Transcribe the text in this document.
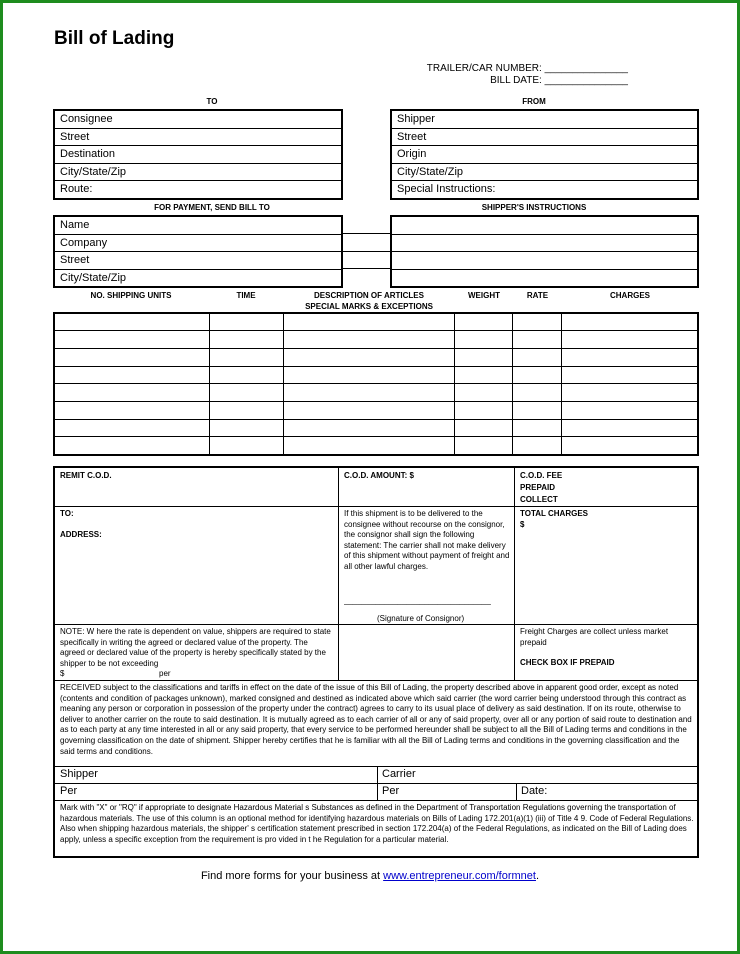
Bill of Lading
TRAILER/CAR NUMBER: _______________
BILL DATE: _______________
TO	FROM
Consignee
Street
Destination
City/State/Zip
Route:
Shipper
Street
Origin
City/State/Zip
Special Instructions:
FOR PAYMENT, SEND BILL TO	SHIPPER'S INSTRUCTIONS
Name
Company
Street
City/State/Zip
NO. SHIPPING UNITS	TIME	DESCRIPTION OF ARTICLES
SPECIAL MARKS & EXCEPTIONS
WEIGHT	RATE	CHARGES

REMIT C.O.D.	C.O.D. AMOUNT: $	C.O.D. FEE
PREPAID
COLLECT
TO:
ADDRESS:
If this shipment is to be delivered to the consignee without recourse on the consignor, the consignor shall sign the following statement: The carrier shall not make delivery of this shipment without payment of freight and all other lawful charges.
_________________________________
(Signature of Consignor)
TOTAL CHARGES $
NOTE: W here the rate is dependent on value, shippers are required to state specifically in writing the agreed or declared value of the property. The agreed or declared value of the property is hereby specifically stated by the shipper to be not exceeding
$	per
Freight Charges are collect unless market prepaid
CHECK BOX IF PREPAID
RECEIVED subject to the classifications and tariffs in effect on the date of the issue of this Bill of Lading, the property described above in apparent good order, except as noted (contents and condition of packages unknown), marked consigned and destined as indicated above which said carrier (the word carrier being understood through this contract as meaning any person or corporation in possession of the property under the contract) agrees to carry to its usual place of delivery as said destination. If on its route, otherwise to deliver to another carrier on the route to said destination. It is mutually agreed as to each carrier of all or any of said property, over all or any portion of said route to destination and as to each party at any time interested in all or any said property, that every service to be performed hereunder shall be subject to all the Bill of Lading terms and conditions in the governing classification on the date of shipment. Shipper hereby certifies that he is familiar with all the Bill of Lading terms and conditions in the governing classification and the said terms and conditions.
Shipper	Carrier
Per	Per	Date:
Mark with "X" or "RQ" if appropriate to designate Hazardous Material s Substances as defined in the Department of Transportation Regulations governing the transportation of hazardous materials. The use of this column is an optional method for identifying hazardous materials on Bills of Lading 172.201(a)(1) (iii) of Title 4 9. Code of Federal Regulations. Also when shipping hazardous materials, the shipper' s certification statement prescribed in section 172.204(a) of the Federal Regulations, as indicated on the Bill of Lading does apply, unless a specific exception from the requirement is pro vided in t he Regulation for a particular material.
Find more forms for your business at www.entrepreneur.com/formnet.
